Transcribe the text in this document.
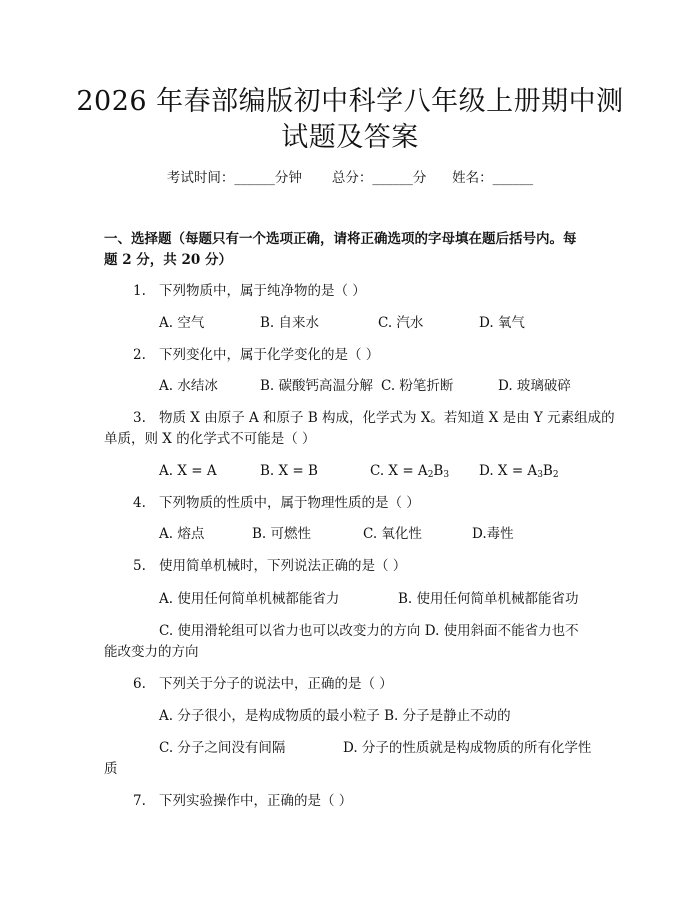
2026 年春部编版初中科学八年级上册期中测
试题及答案
考试时间：______分钟 总分：______分 姓名：______
一、选择题（每题只有一个选项正确，请将正确选项的字母填在题后括号内。每
题 2 分，共 20 分）
1. 下列物质中，属于纯净物的是（ ）
A. 空气	B. 自来水	C. 汽水	D. 氧气
2. 下列变化中，属于化学变化的是（ ）
A. 水结冰	B. 碳酸钙高温分解 C. 粉笔折断	D. 玻璃破碎
3. 物质 X 由原子 A 和原子 B 构成，化学式为 X。若知道 X 是由 Y 元素组成的
单质，则 X 的化学式不可能是（ ）
A. X = A	B. X = B	C. $X = A_2B_3$ D. $X = A_3B_2$
4. 下列物质的性质中，属于物理性质的是（ ）
A. 熔点	B. 可燃性	C. 氧化性	D.毒性
5. 使用简单机械时，下列说法正确的是（ ）
A. 使用任何简单机械都能省力	B. 使用任何简单机械都能省功
C. 使用滑轮组可以省力也可以改变力的方向 D. 使用斜面不能省力也不
能改变力的方向
6. 下列关于分子的说法中，正确的是（ ）
A. 分子很小，是构成物质的最小粒子 B. 分子是静止不动的
C. 分子之间没有间隔	D. 分子的性质就是构成物质的所有化学性
质
7. 下列实验操作中，正确的是（ ）
